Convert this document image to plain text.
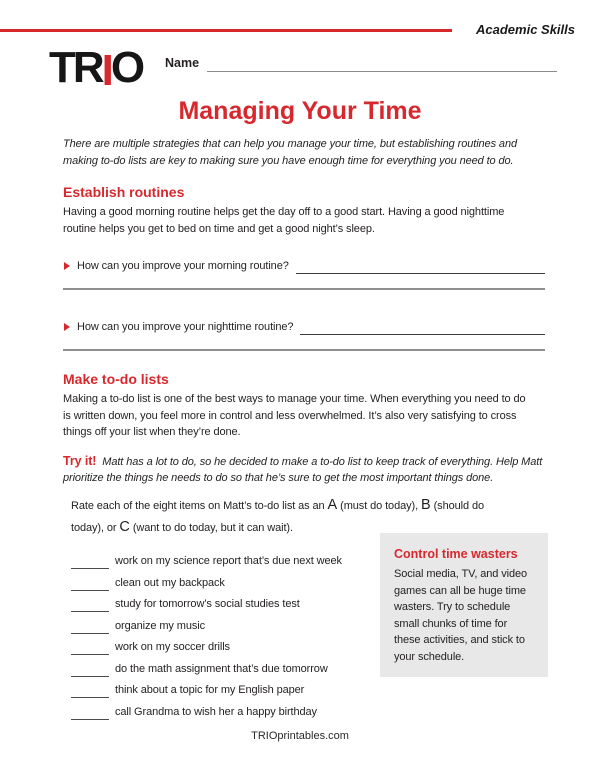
Academic Skills
TRIO Name
Managing Your Time
There are multiple strategies that can help you manage your time, but establishing routines and
making to-do lists are key to making sure you have enough time for everything you need to do.
Establish routines
Having a good morning routine helps get the day off to a good start. Having a good nighttime
routine helps you get to bed on time and get a good night’s sleep.
How can you improve your morning routine?
How can you improve your nighttime routine?
Make to-do lists
Making a to-do list is one of the best ways to manage your time. When everything you need to do
is written down, you feel more in control and less overwhelmed. It’s also very satisfying to cross
things off your list when they’re done.
Try it!  Matt has a lot to do, so he decided to make a to-do list to keep track of everything. Help Matt
prioritize the things he needs to do so that he’s sure to get the most important things done.
Rate each of the eight items on Matt’s to-do list as an A (must do today), B (should do
today), or C (want to do today, but it can wait).
work on my science report that’s due next week
clean out my backpack
study for tomorrow’s social studies test
organize my music
work on my soccer drills
do the math assignment that’s due tomorrow
think about a topic for my English paper
call Grandma to wish her a happy birthday
Control time wasters
Social media, TV, and video
games can all be huge time
wasters. Try to schedule
small chunks of time for
these activities, and stick to
your schedule.
TRIOprintables.com
